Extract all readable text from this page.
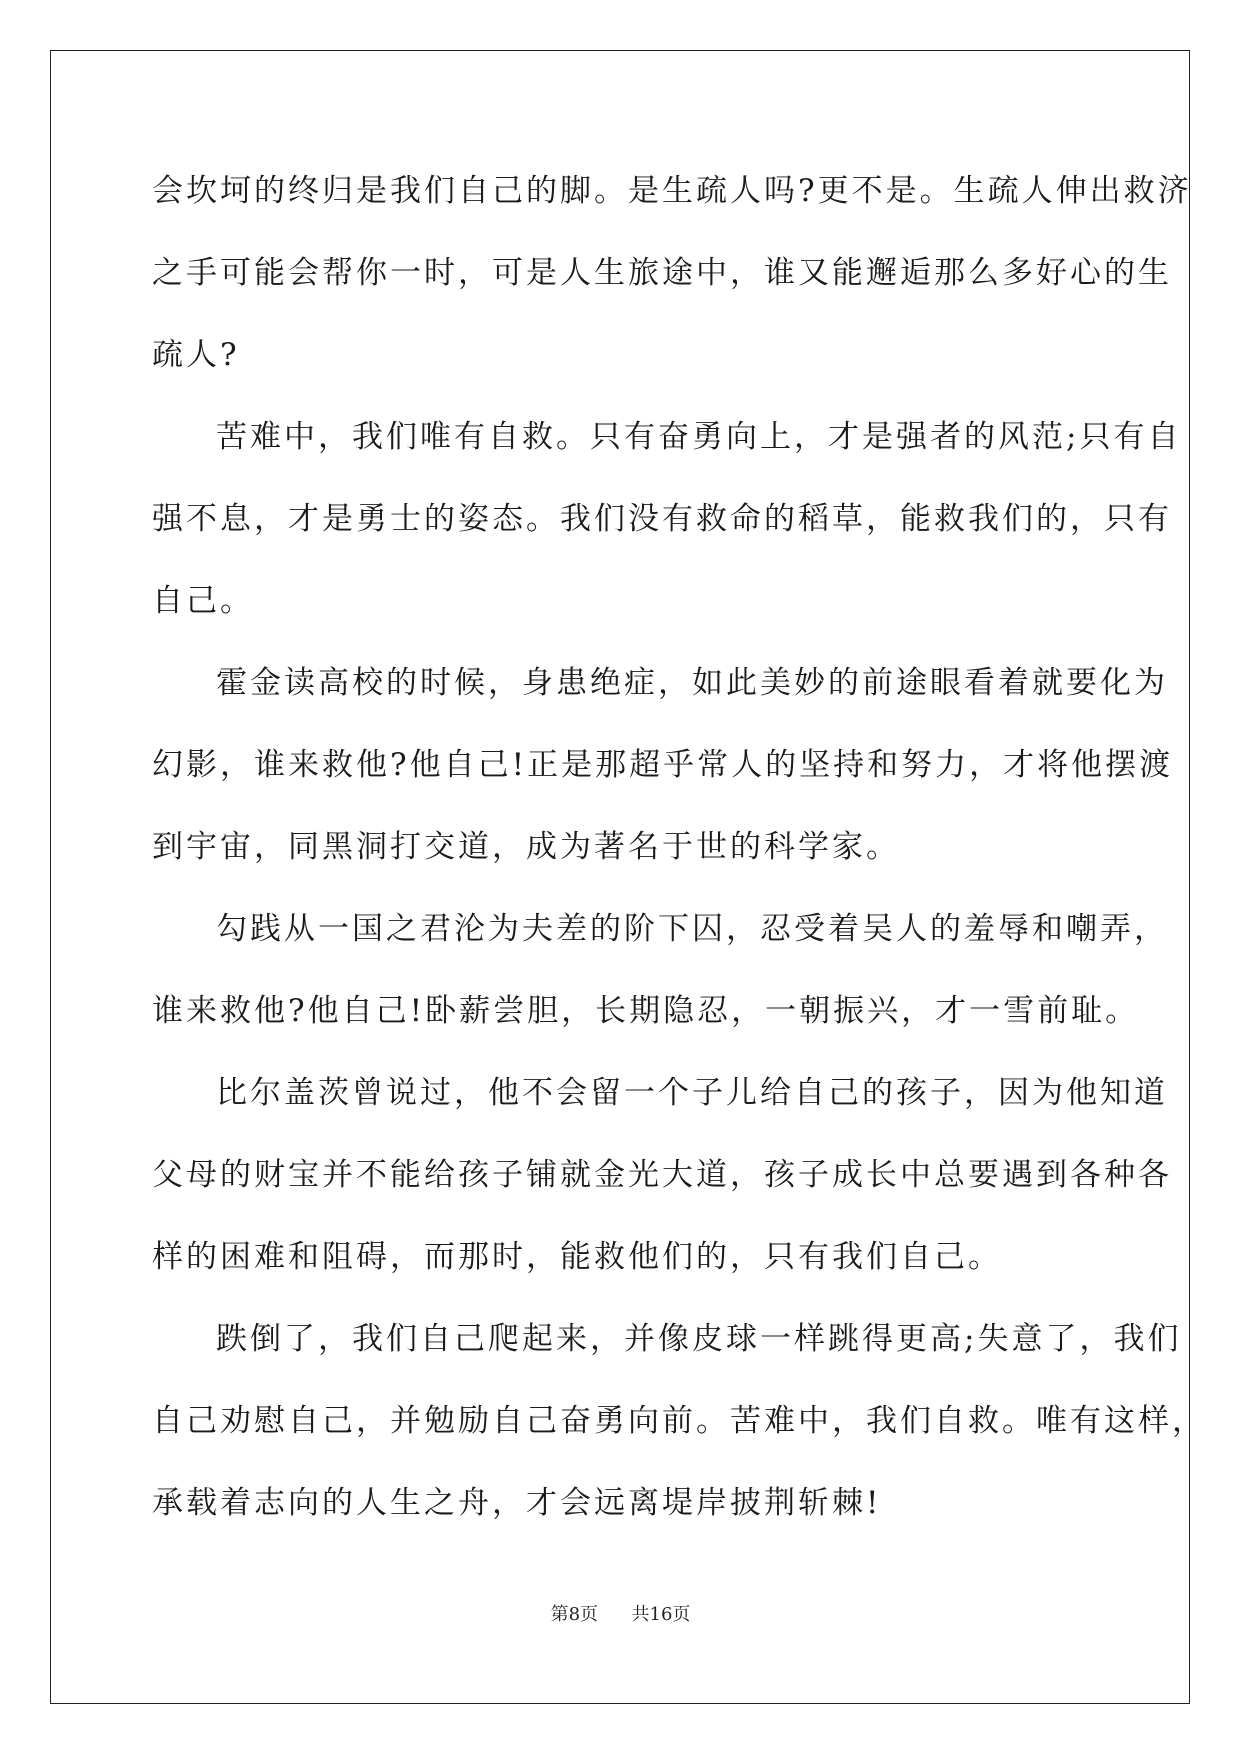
会坎坷的终归是我们自己的脚。是生疏人吗?更不是。生疏人伸出救济
之手可能会帮你一时，可是人生旅途中，谁又能邂逅那么多好心的生
疏人?
苦难中，我们唯有自救。只有奋勇向上，才是强者的风范;只有自
强不息，才是勇士的姿态。我们没有救命的稻草，能救我们的，只有
自己。
霍金读高校的时候，身患绝症，如此美妙的前途眼看着就要化为
幻影，谁来救他?他自己!正是那超乎常人的坚持和努力，才将他摆渡
到宇宙，同黑洞打交道，成为著名于世的科学家。
勾践从一国之君沦为夫差的阶下囚，忍受着吴人的羞辱和嘲弄，
谁来救他?他自己!卧薪尝胆，长期隐忍，一朝振兴，才一雪前耻。
比尔盖茨曾说过，他不会留一个子儿给自己的孩子，因为他知道
父母的财宝并不能给孩子铺就金光大道，孩子成长中总要遇到各种各
样的困难和阻碍，而那时，能救他们的，只有我们自己。
跌倒了，我们自己爬起来，并像皮球一样跳得更高;失意了，我们
自己劝慰自己，并勉励自己奋勇向前。苦难中，我们自救。唯有这样，
承载着志向的人生之舟，才会远离堤岸披荆斩棘!
第8页 共16页
